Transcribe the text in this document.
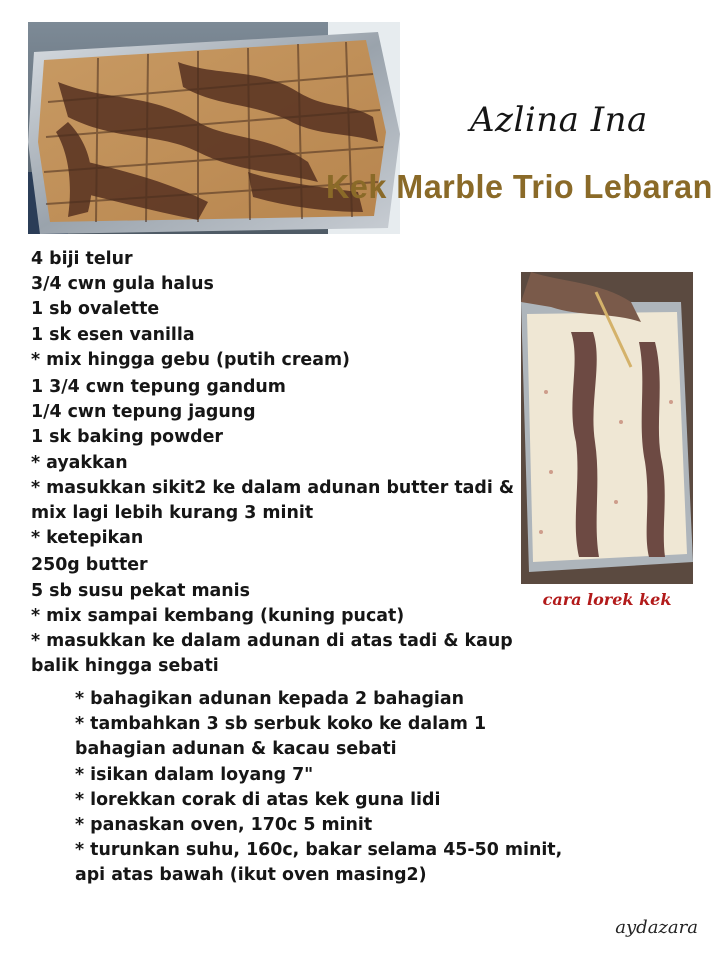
Azlina Ina
Kek Marble Trio Lebaran
cara lorek kek
4 biji telur
3/4 cwn gula halus
1 sb ovalette
1 sk esen vanilla
* mix hingga gebu (putih cream)
1 3/4 cwn tepung gandum
1/4 cwn tepung jagung
1 sk baking powder
* ayakkan
* masukkan sikit2 ke dalam adunan butter tadi &
mix lagi lebih kurang 3 minit
* ketepikan
250g butter
5 sb susu pekat manis
* mix sampai kembang (kuning pucat)
* masukkan ke dalam adunan di atas tadi & kaup
balik hingga sebati
* bahagikan adunan kepada 2 bahagian
* tambahkan 3 sb serbuk koko ke dalam 1
bahagian adunan & kacau sebati
* isikan dalam loyang 7"
* lorekkan corak di atas kek guna lidi
* panaskan oven, 170c 5 minit
* turunkan suhu, 160c, bakar selama 45-50 minit,
api atas bawah (ikut oven masing2)
aydazara
